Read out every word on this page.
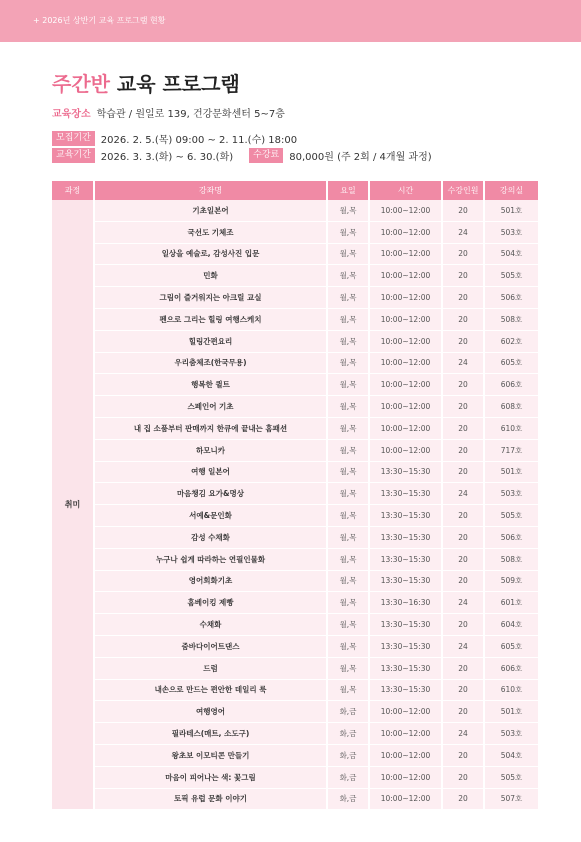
+ 2026년 상반기 교육 프로그램 현황
주간반 교육 프로그램
교육장소 학습관 / 원일로 139, 건강문화센터 5~7층
모집기간	2026. 2. 5.(목) 09:00 ~ 2. 11.(수) 18:00
교육기간	2026. 3. 3.(화) ~ 6. 30.(화)	수강료	80,000원 (주 2회 / 4개월 과정)
과정	강좌명	요일	시간	수강인원	강의실
취미	기초일본어	월,목	10:00~12:00	20	501호
	국선도 기체조	월,목	10:00~12:00	24	503호
	일상을 예술로, 감성사진 입문	월,목	10:00~12:00	20	504호
	민화	월,목	10:00~12:00	20	505호
	그림이 즐거워지는 아크릴 교실	월,목	10:00~12:00	20	506호
	펜으로 그리는 힐링 여행스케치	월,목	10:00~12:00	20	508호
	힐링간편요리	월,목	10:00~12:00	20	602호
	우리춤체조(한국무용)	월,목	10:00~12:00	24	605호
	행복한 퀼트	월,목	10:00~12:00	20	606호
	스페인어 기초	월,목	10:00~12:00	20	608호
	내 집 소품부터 판매까지 한큐에 끝내는 홈패션	월,목	10:00~12:00	20	610호
	하모니카	월,목	10:00~12:00	20	717호
	여행 일본어	월,목	13:30~15:30	20	501호
	마음챙김 요가&명상	월,목	13:30~15:30	24	503호
	서예&문인화	월,목	13:30~15:30	20	505호
	감성 수채화	월,목	13:30~15:30	20	506호
	누구나 쉽게 따라하는 연필인물화	월,목	13:30~15:30	20	508호
	영어회화기초	월,목	13:30~15:30	20	509호
	홈베이킹 제빵	월,목	13:30~16:30	24	601호
	수채화	월,목	13:30~15:30	20	604호
	줌바다이어트댄스	월,목	13:30~15:30	24	605호
	드럼	월,목	13:30~15:30	20	606호
	내손으로 만드는 편안한 데일리 룩	월,목	13:30~15:30	20	610호
	여행영어	화,금	10:00~12:00	20	501호
	필라테스(매트, 소도구)	화,금	10:00~12:00	24	503호
	왕초보 이모티콘 만들기	화,금	10:00~12:00	20	504호
	마음이 피어나는 색: 꽃그림	화,금	10:00~12:00	20	505호
	토픽 유럽 문화 이야기	화,금	10:00~12:00	20	507호
